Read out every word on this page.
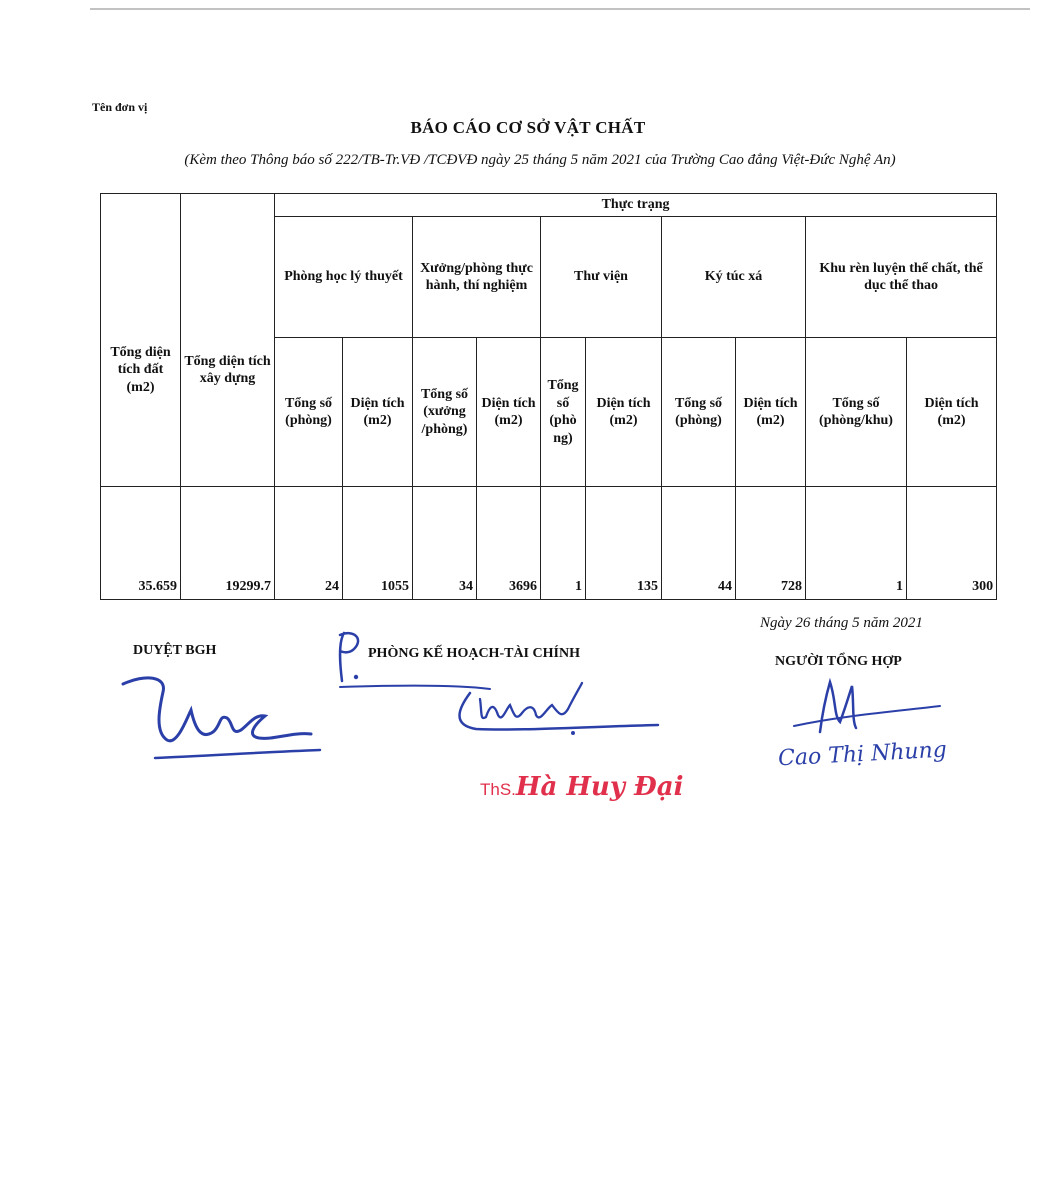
Tên đơn vị
BÁO CÁO CƠ SỞ VẬT CHẤT
(Kèm theo Thông báo số 222/TB-Tr.VĐ /TCĐVĐ ngày 25 tháng 5 năm 2021 của Trường Cao đẳng Việt-Đức Nghệ An)
Tổng diện tích đất (m2)	Tổng diện tích xây dựng	Thực trạng									
		Phòng học lý thuyết		Xưởng/phòng thực hành, thí nghiệm		Thư viện		Ký túc xá		Khu rèn luyện thể chất, thể dục thể thao	
		Tổng số (phòng)	Diện tích (m2)	Tổng số (xưởng /phòng)	Diện tích (m2)	Tổng số (phò ng)	Diện tích (m2)	Tổng số (phòng)	Diện tích (m2)	Tổng số (phòng/khu)	Diện tích (m2)
35.659	19299.7	24	1055	34	3696	1	135	44	728	1	300
DUYỆT BGH	PHÒNG KẾ HOẠCH-TÀI CHÍNH
Ngày 26 tháng 5 năm 2021
NGƯỜI TỔNG HỢP
ThS.Hà Huy Đại
Cao Thị Nhung
